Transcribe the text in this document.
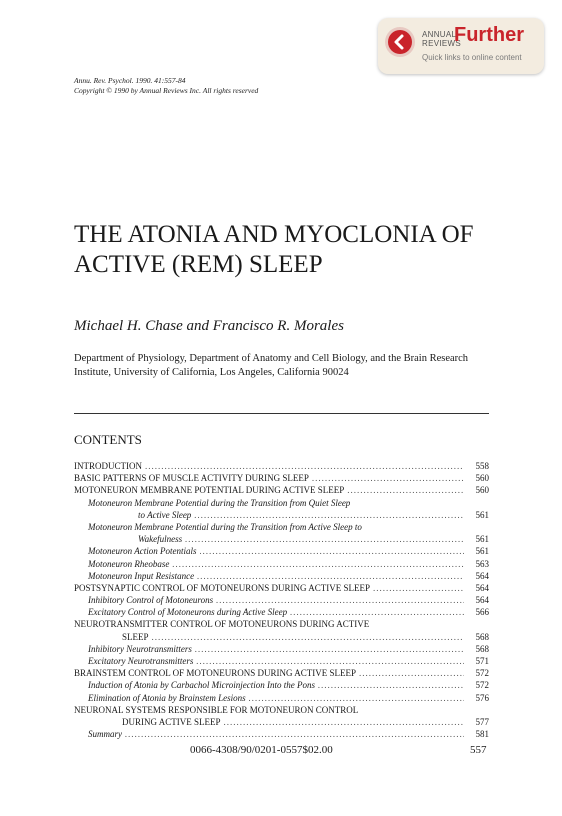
ANNUAL REVIEWS
Further
Quick links to online content
Annu. Rev. Psychol. 1990. 41:557-84
Copyright © 1990 by Annual Reviews Inc. All rights reserved
THE ATONIA AND MYOCLONIA OF ACTIVE (REM) SLEEP
Michael H. Chase and Francisco R. Morales
Department of Physiology, Department of Anatomy and Cell Biology, and the Brain Research Institute, University of California, Los Angeles, California 90024
CONTENTS
INTRODUCTION .....	558
BASIC PATTERNS OF MUSCLE ACTIVITY DURING SLEEP .....	560
MOTONEURON MEMBRANE POTENTIAL DURING ACTIVE SLEEP .....	560
Motoneuron Membrane Potential during the Transition from Quiet Sleep
to Active Sleep .....	561
Motoneuron Membrane Potential during the Transition from Active Sleep to
Wakefulness .....	561
Motoneuron Action Potentials .....	561
Motoneuron Rheobase .....	563
Motoneuron Input Resistance .....	564
POSTSYNAPTIC CONTROL OF MOTONEURONS DURING ACTIVE SLEEP .....	564
Inhibitory Control of Motoneurons .....	564
Excitatory Control of Motoneurons during Active Sleep .....	566
NEUROTRANSMITTER CONTROL OF MOTONEURONS DURING ACTIVE
SLEEP .....	568
Inhibitory Neurotransmitters .....	568
Excitatory Neurotransmitters .....	571
BRAINSTEM CONTROL OF MOTONEURONS DURING ACTIVE SLEEP .....	572
Induction of Atonia by Carbachol Microinjection Into the Pons .....	572
Elimination of Atonia by Brainstem Lesions .....	576
NEURONAL SYSTEMS RESPONSIBLE FOR MOTONEURON CONTROL
DURING ACTIVE SLEEP .....	577
Summary .....	581
0066-4308/90/0201-0557$02.00	557
